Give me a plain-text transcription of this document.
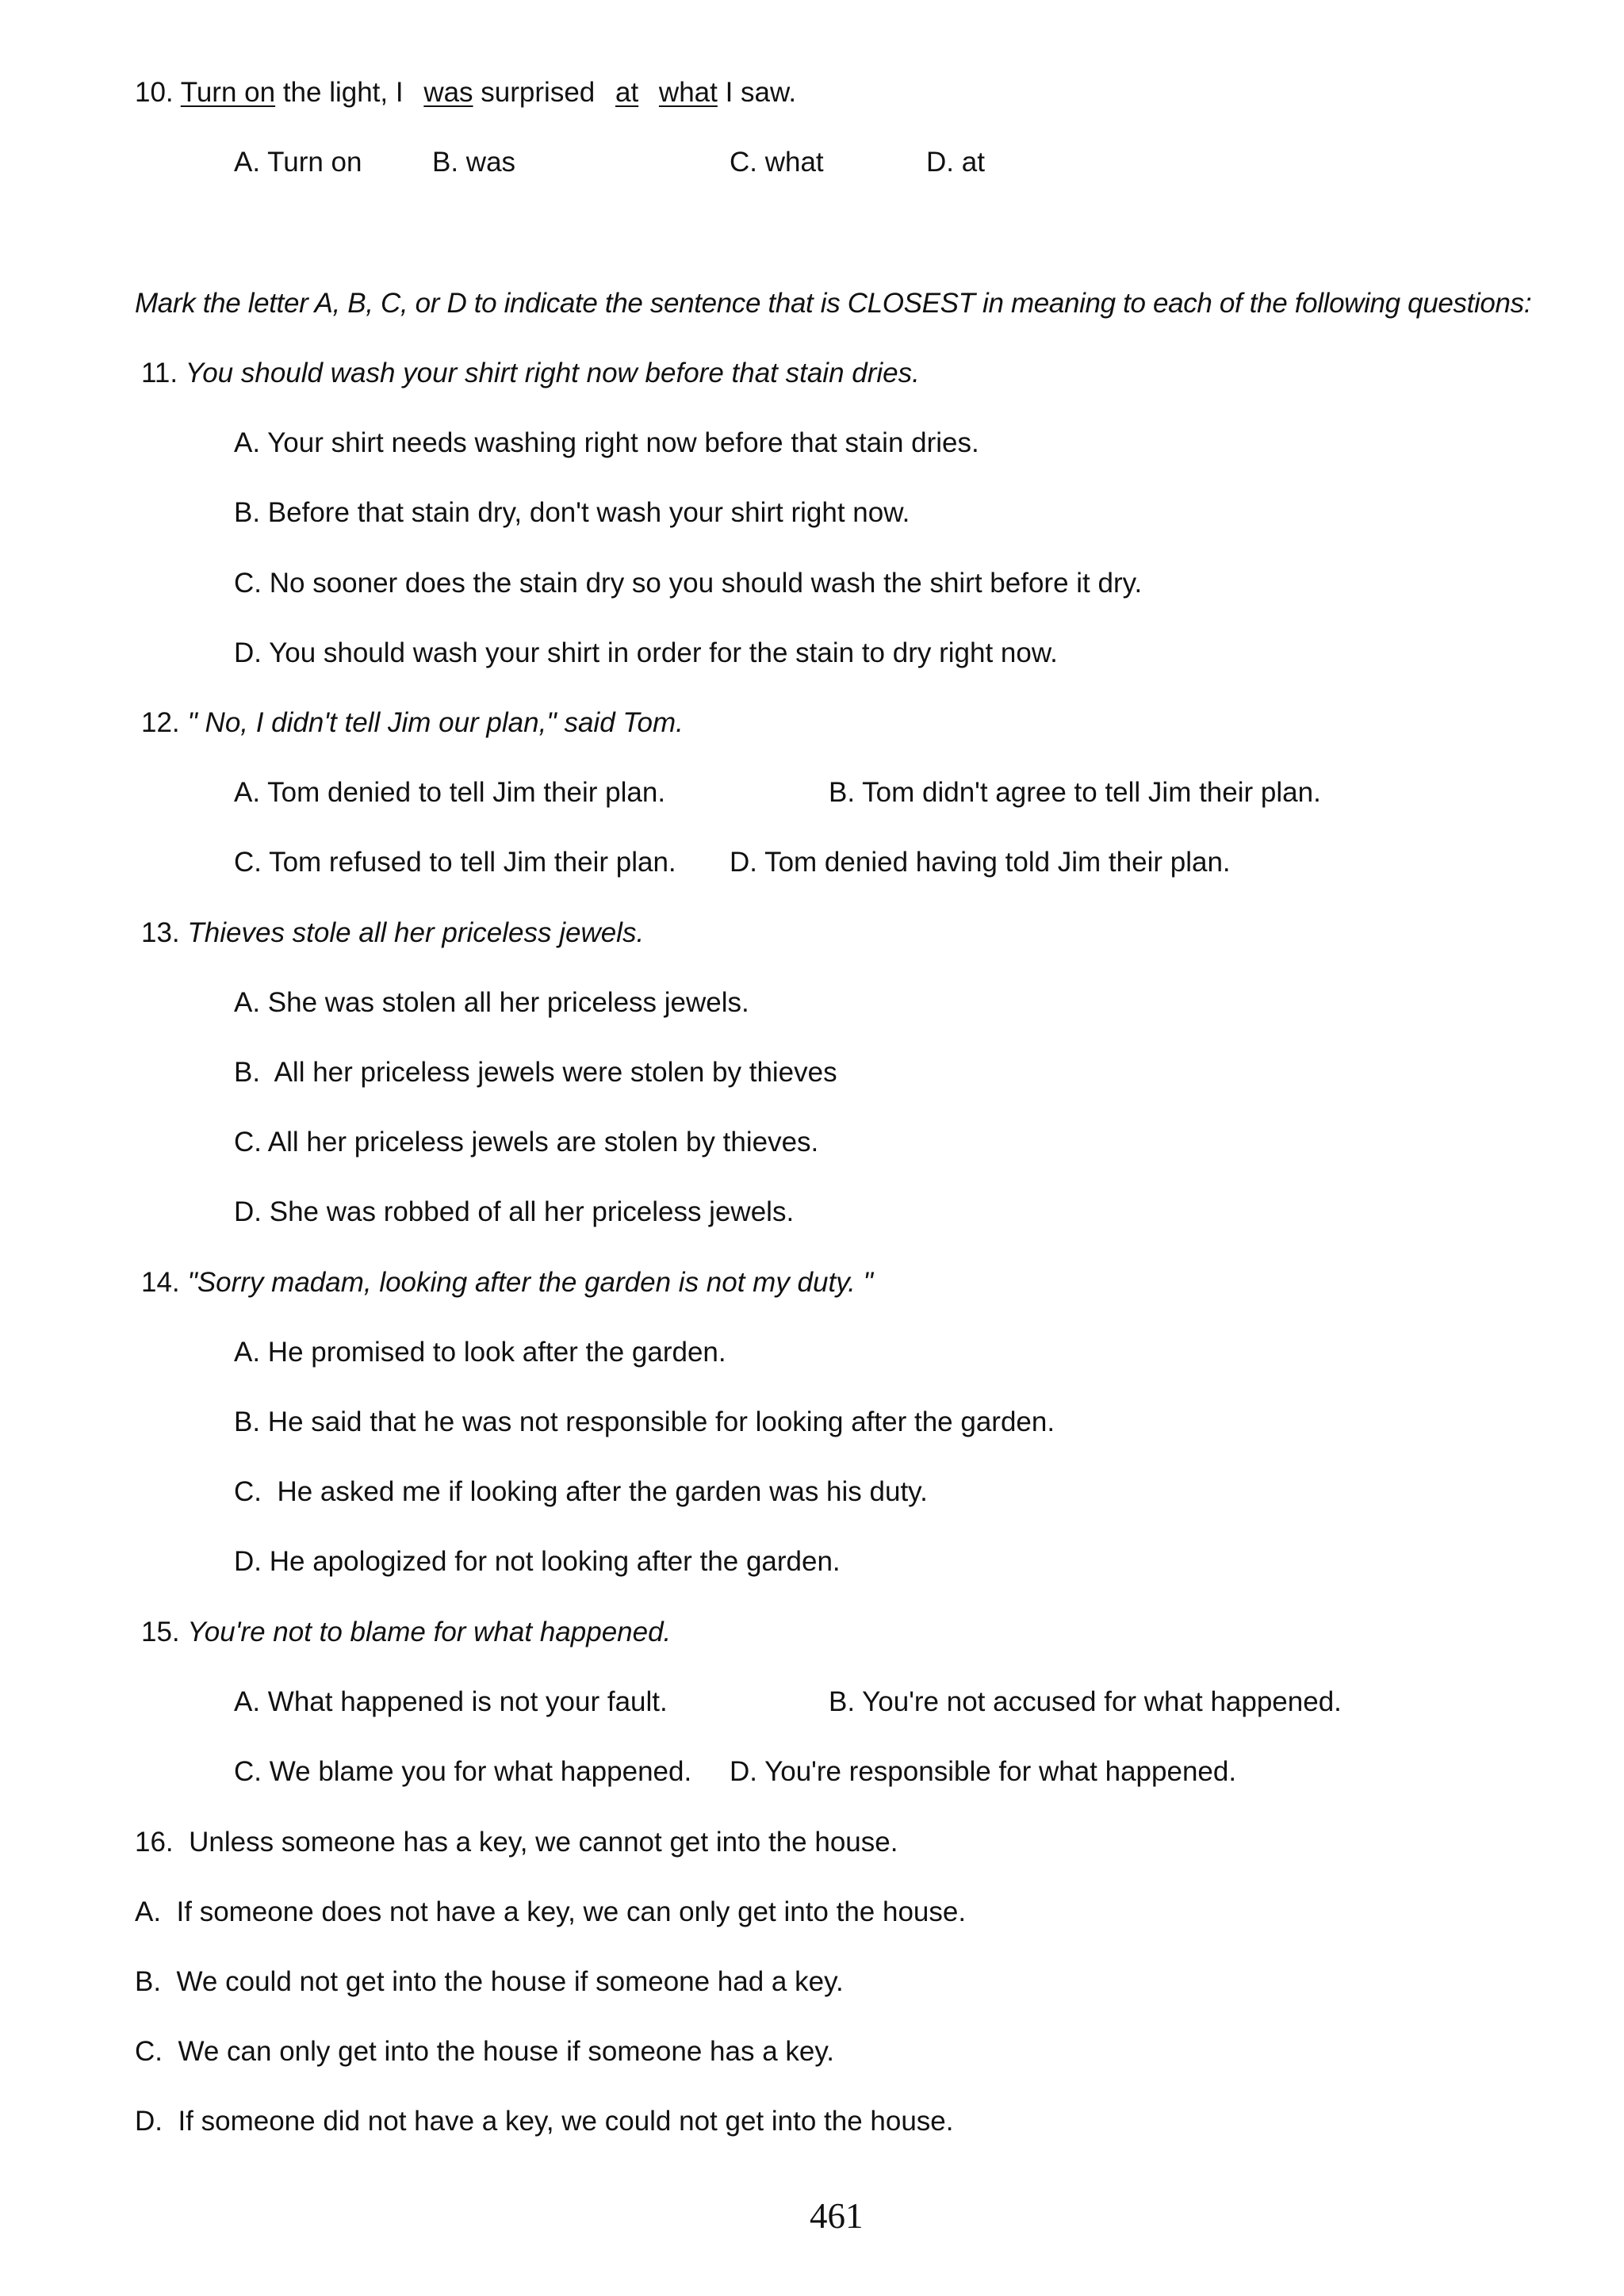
10. Turn on the light, I was surprised at what I saw.
A. Turn on	B. was	C. what	D. at
Mark the letter A, B, C, or D to indicate the sentence that is CLOSEST in meaning to each of the following questions:
11. You should wash your shirt right now before that stain dries.
A. Your shirt needs washing right now before that stain dries.
B. Before that stain dry, don't wash your shirt right now.
C. No sooner does the stain dry so you should wash the shirt before it dry.
D. You should wash your shirt in order for the stain to dry right now.
12. " No, I didn't tell Jim our plan," said Tom.
A. Tom denied to tell Jim their plan.	B. Tom didn't agree to tell Jim their plan.
C. Tom refused to tell Jim their plan. D. Tom denied having told Jim their plan.
13. Thieves stole all her priceless jewels.
A. She was stolen all her priceless jewels.
B.  All her priceless jewels were stolen by thieves
C. All her priceless jewels are stolen by thieves.
D. She was robbed of all her priceless jewels.
14. "Sorry madam, looking after the garden is not my duty. "
A. He promised to look after the garden.
B. He said that he was not responsible for looking after the garden.
C.  He asked me if looking after the garden was his duty.
D. He apologized for not looking after the garden.
15. You're not to blame for what happened.
A. What happened is not your fault.	B. You're not accused for what happened.
C. We blame you for what happened. D. You're responsible for what happened.
16.  Unless someone has a key, we cannot get into the house.
A.  If someone does not have a key, we can only get into the house.
B.  We could not get into the house if someone had a key.
C.  We can only get into the house if someone has a key.
D.  If someone did not have a key, we could not get into the house.
461
